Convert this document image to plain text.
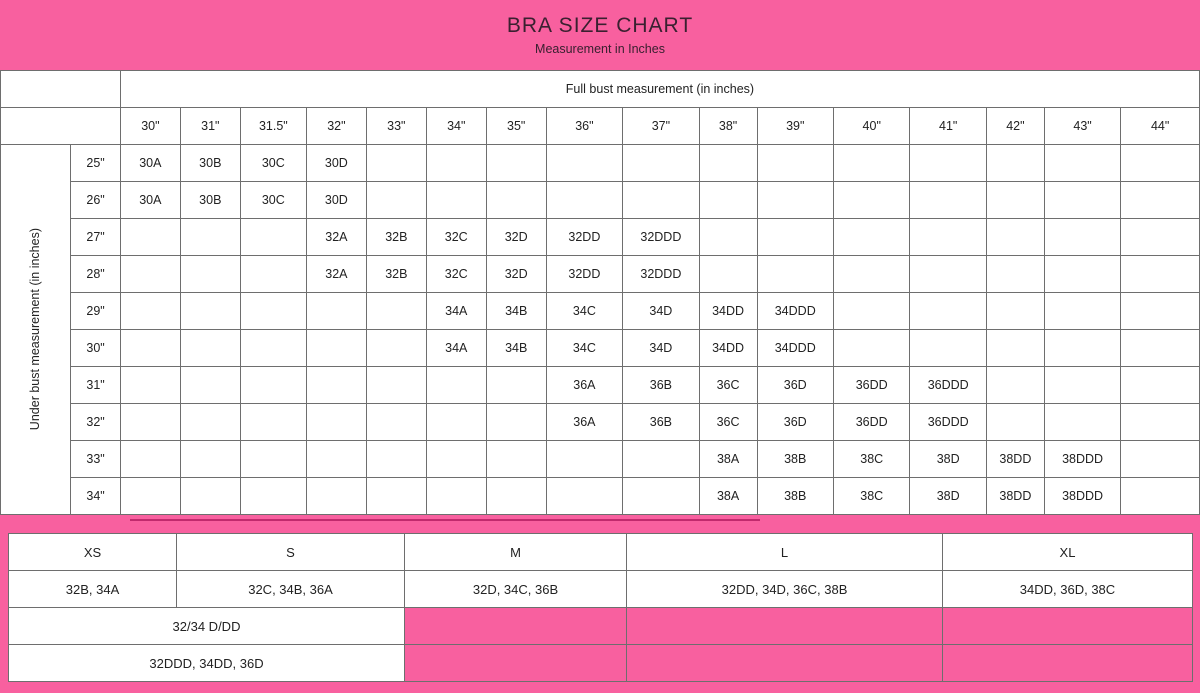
BRA SIZE CHART
Measurement in Inches
		Full bust measurement (in inches)															
		30"	31"	31.5"	32"	33"	34"	35"	36"	37"	38"	39"	40"	41"	42"	43"	44"

Under bust measurement (in inches)	25"	30A	30B	30C	30D												
	26"	30A	30B	30C	30D												
	27"				32A	32B	32C	32D	32DD	32DDD							
	28"				32A	32B	32C	32D	32DD	32DDD							
	29"						34A	34B	34C	34D	34DD	34DDD					
	30"						34A	34B	34C	34D	34DD	34DDD					
	31"								36A	36B	36C	36D	36DD	36DDD			
	32"								36A	36B	36C	36D	36DD	36DDD			
	33"										38A	38B	38C	38D	38DD	38DDD	
	34"										38A	38B	38C	38D	38DD	38DDD	
XS	S	M	L	XL
32B, 34A	32C, 34B, 36A	32D, 34C, 36B	32DD, 34D, 36C, 38B	34DD, 36D, 38C
32/34 D/DD				
32DDD, 34DD, 36D				
